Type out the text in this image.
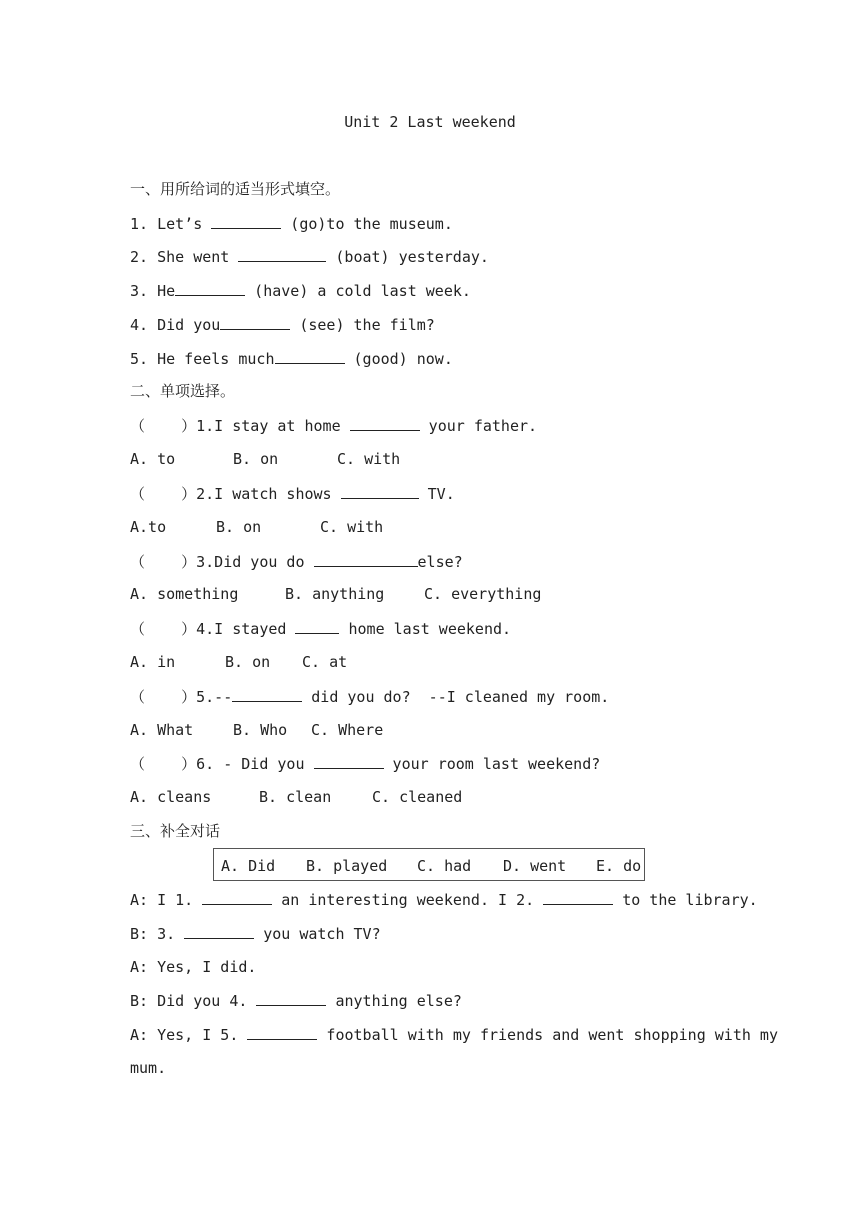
Unit 2 Last weekend
一、用所给词的适当形式填空。
1. Let’s	(go)to the museum.
2. She went	(boat) yesterday.
3. He	(have) a cold last week.
4. Did you	(see) the film?
5. He feels much	(good) now.
二、单项选择。
（    ）1.I stay at home	your father.
A. to	B. on	C. with
（    ）2.I watch shows	TV.
A.to	B. on	C. with
（    ）3.Did you do	else?
A. something	B. anything	C. everything
（    ）4.I stayed	home last weekend.
A. in	B. on C. at
（    ）5.--	did you do?  --I cleaned my room.
A. What	B. Who C. Where
（    ）6. - Did you	your room last weekend?
A. cleans	B. clean	C. cleaned
三、补全对话
A. Did B. played C. had D. went E. do
A: I 1.	an interesting weekend. I 2.	to the library.
B: 3.	you watch TV?
A: Yes, I did.
B: Did you 4.	anything else?
A: Yes, I 5.	football with my friends and went shopping with my
mum.
